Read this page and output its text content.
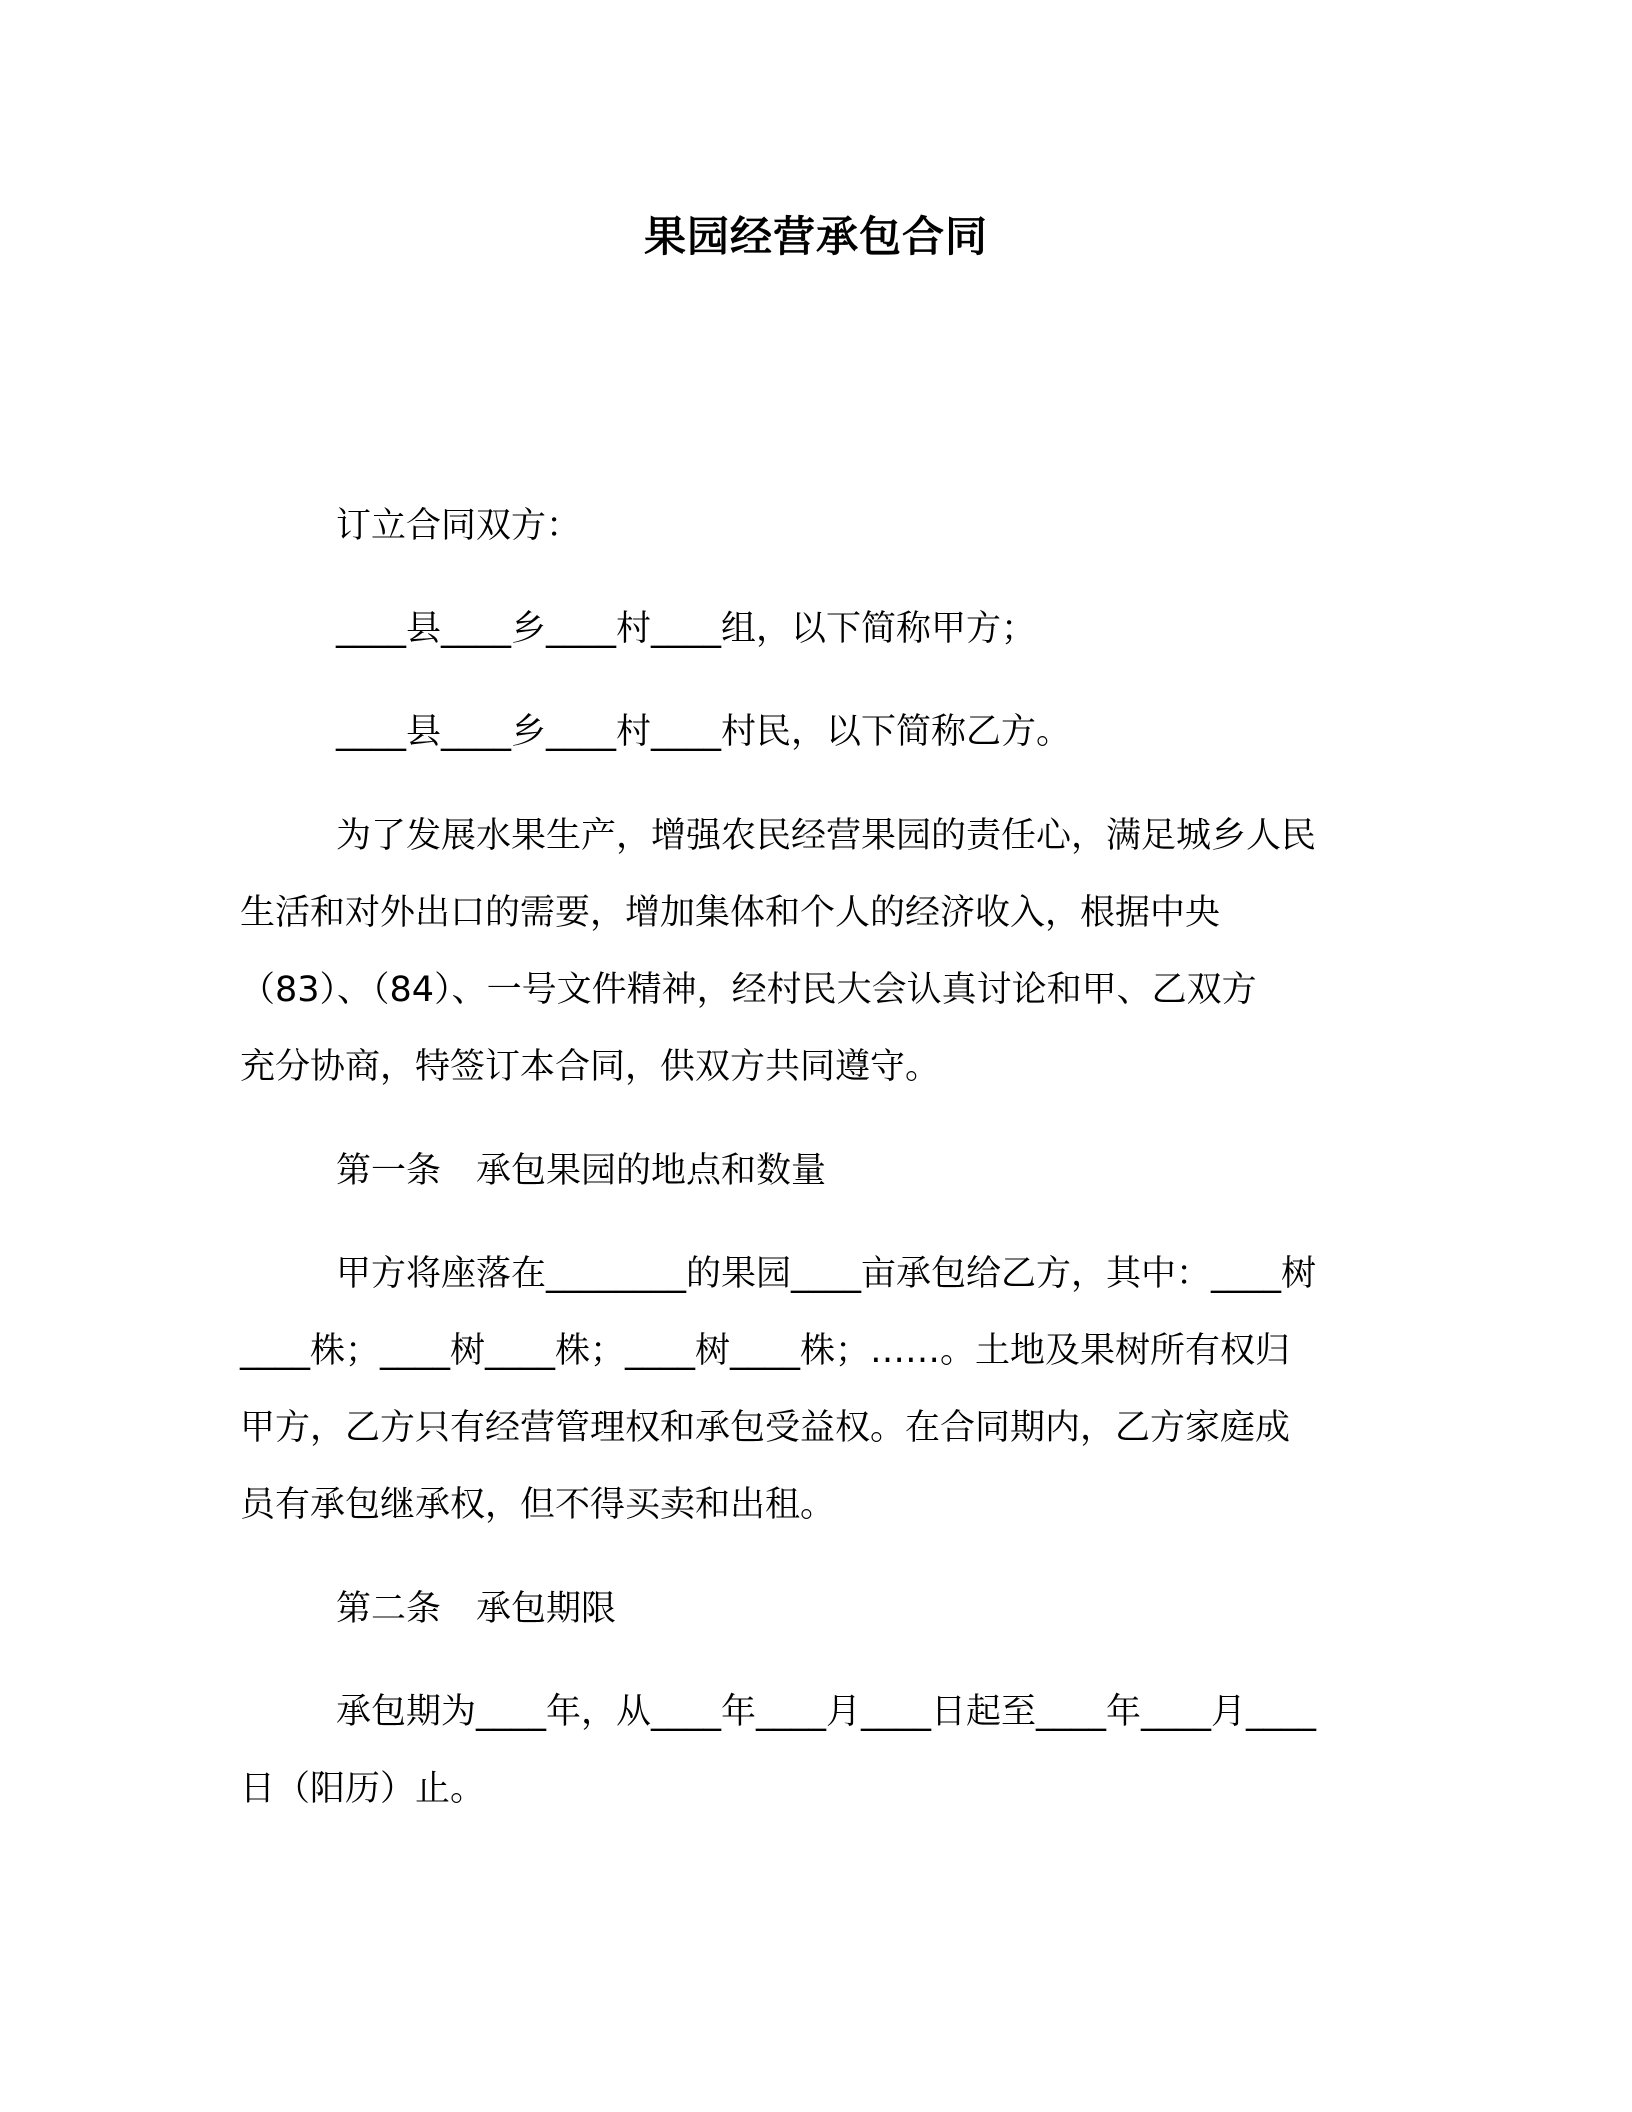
果园经营承包合同
订立合同双方：
____县____乡____村____组，以下简称甲方；
____县____乡____村____村民，以下简称乙方。
为了发展水果生产，增强农民经营果园的责任心，满足城乡人民
生活和对外出口的需要，增加集体和个人的经济收入，根据中央
（83）、（84）、一号文件精神，经村民大会认真讨论和甲、乙双方
充分协商，特签订本合同，供双方共同遵守。
第一条　承包果园的地点和数量
甲方将座落在________的果园____亩承包给乙方，其中：____树
____株；____树____株；____树____株；……。土地及果树所有权归
甲方，乙方只有经营管理权和承包受益权。在合同期内，乙方家庭成
员有承包继承权，但不得买卖和出租。
第二条　承包期限
承包期为____年，从____年____月____日起至____年____月____
日（阳历）止。
